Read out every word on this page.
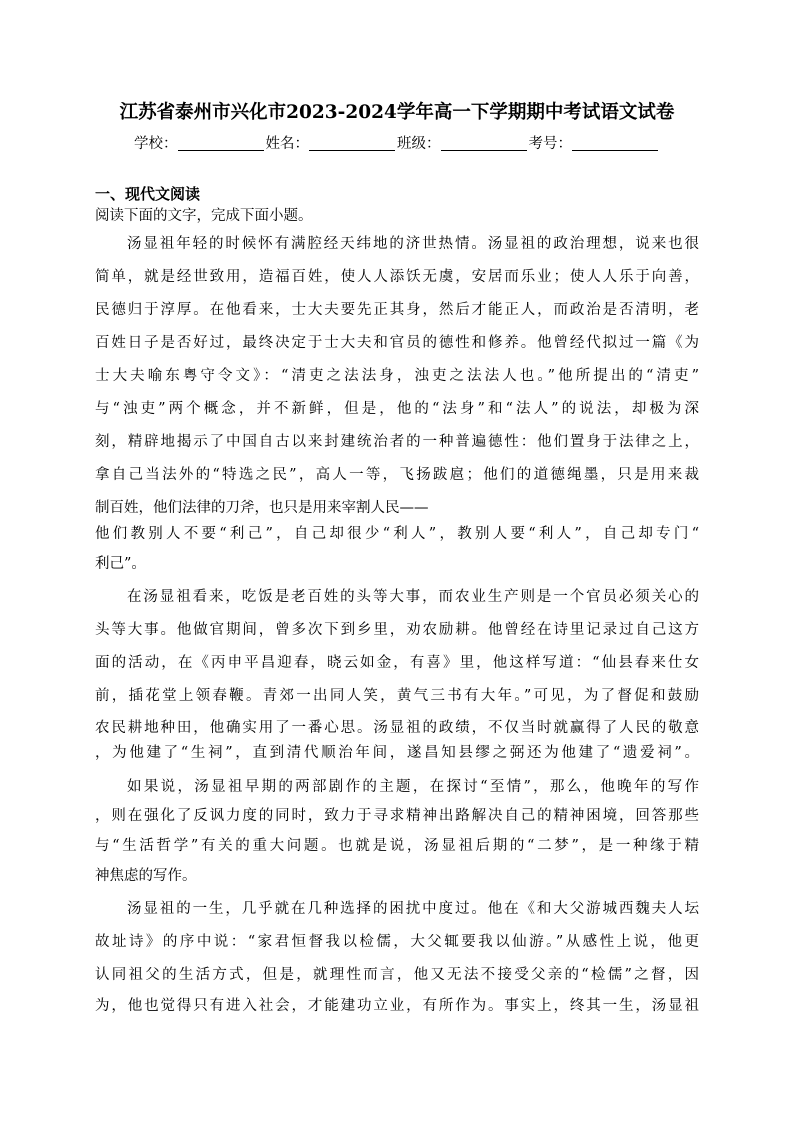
江苏省泰州市兴化市2023-2024学年高一下学期期中考试语文试卷
学校：	姓名：	班级：	考号：
一、现代文阅读
阅读下面的文字，完成下面小题。
汤显祖年轻的时候怀有满腔经天纬地的济世热情。汤显祖的政治理想，说来也很
简单，就是经世致用，造福百姓，使人人添饫无虞，安居而乐业；使人人乐于向善，
民德归于淳厚。在他看来，士大夫要先正其身，然后才能正人，而政治是否清明，老
百姓日子是否好过，最终决定于士大夫和官员的德性和修养。他曾经代拟过一篇《为
士大夫喻东粤守令文》：“清吏之法法身，浊吏之法法人也。”他所提出的“清吏”
与“浊吏”两个概念，并不新鲜，但是，他的“法身”和“法人”的说法，却极为深
刻，精辟地揭示了中国自古以来封建统治者的一种普遍德性：他们置身于法律之上，
拿自己当法外的“特选之民”，高人一等，飞扬跋扈；他们的道德绳墨，只是用来裁
制百姓，他们法律的刀斧，也只是用来宰割人民——
他们教别人不要“利己”，自己却很少“利人”，教别人要“利人”，自己却专门“
利己”。
在汤显祖看来，吃饭是老百姓的头等大事，而农业生产则是一个官员必须关心的
头等大事。他做官期间，曾多次下到乡里，劝农励耕。他曾经在诗里记录过自己这方
面的活动，在《丙申平昌迎春，晓云如金，有喜》里，他这样写道：“仙县春来仕女
前，插花堂上领春鞭。青郊一出同人笑，黄气三书有大年。”可见，为了督促和鼓励
农民耕地种田，他确实用了一番心思。汤显祖的政绩，不仅当时就赢得了人民的敬意
，为他建了“生祠”，直到清代顺治年间，遂昌知县缪之弼还为他建了“遗爱祠”。
如果说，汤显祖早期的两部剧作的主题，在探讨“至情”，那么，他晚年的写作
，则在强化了反讽力度的同时，致力于寻求精神出路解决自己的精神困境，回答那些
与“生活哲学”有关的重大问题。也就是说，汤显祖后期的“二梦”，是一种缘于精
神焦虑的写作。
汤显祖的一生，几乎就在几种选择的困扰中度过。他在《和大父游城西魏夫人坛
故址诗》的序中说：“家君恒督我以检儒，大父辄要我以仙游。”从感性上说，他更
认同祖父的生活方式，但是，就理性而言，他又无法不接受父亲的“检儒”之督，因
为，他也觉得只有进入社会，才能建功立业，有所作为。事实上，终其一生，汤显祖
